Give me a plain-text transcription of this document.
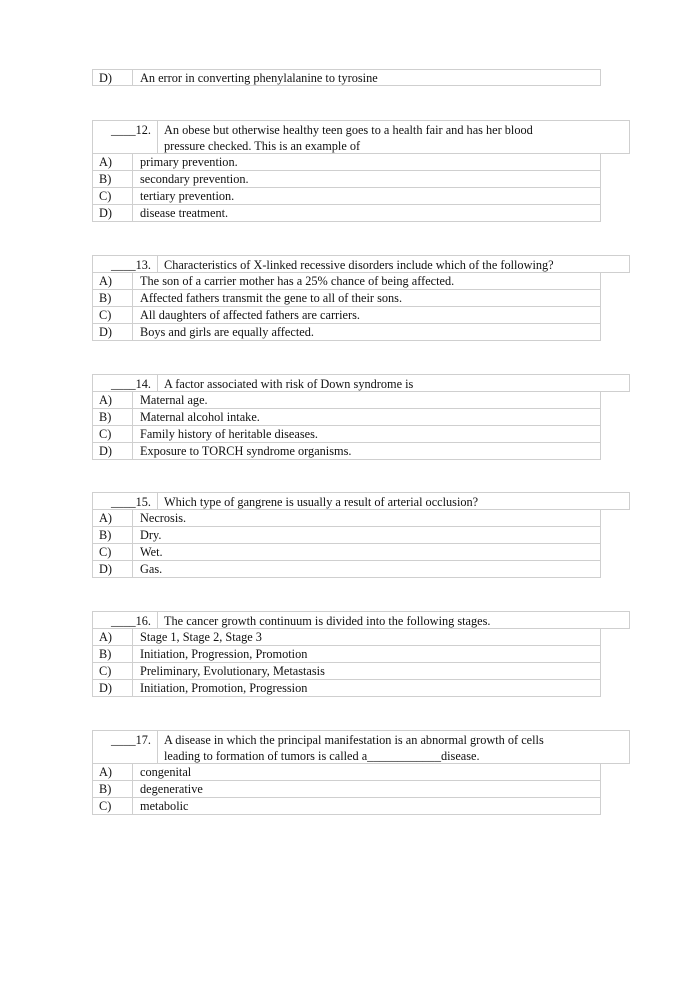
D)	An error in converting phenylalanine to tyrosine
____12.	An obese but otherwise healthy teen goes to a health fair and has her blood
pressure checked. This is an example of
A)	primary prevention.
B)	secondary prevention.
C)	tertiary prevention.
D)	disease treatment.
____13.	Characteristics of X-linked recessive disorders include which of the following?
A)	The son of a carrier mother has a 25% chance of being affected.
B)	Affected fathers transmit the gene to all of their sons.
C)	All daughters of affected fathers are carriers.
D)	Boys and girls are equally affected.
____14.	A factor associated with risk of Down syndrome is
A)	Maternal age.
B)	Maternal alcohol intake.
C)	Family history of heritable diseases.
D)	Exposure to TORCH syndrome organisms.
____15.	Which type of gangrene is usually a result of arterial occlusion?
A)	Necrosis.
B)	Dry.
C)	Wet.
D)	Gas.
____16.	The cancer growth continuum is divided into the following stages.
A)	Stage 1, Stage 2, Stage 3
B)	Initiation, Progression, Promotion
C)	Preliminary, Evolutionary, Metastasis
D)	Initiation, Promotion, Progression
____17.	A disease in which the principal manifestation is an abnormal growth of cells
leading to formation of tumors is called a____________disease.
A)	congenital
B)	degenerative
C)	metabolic
